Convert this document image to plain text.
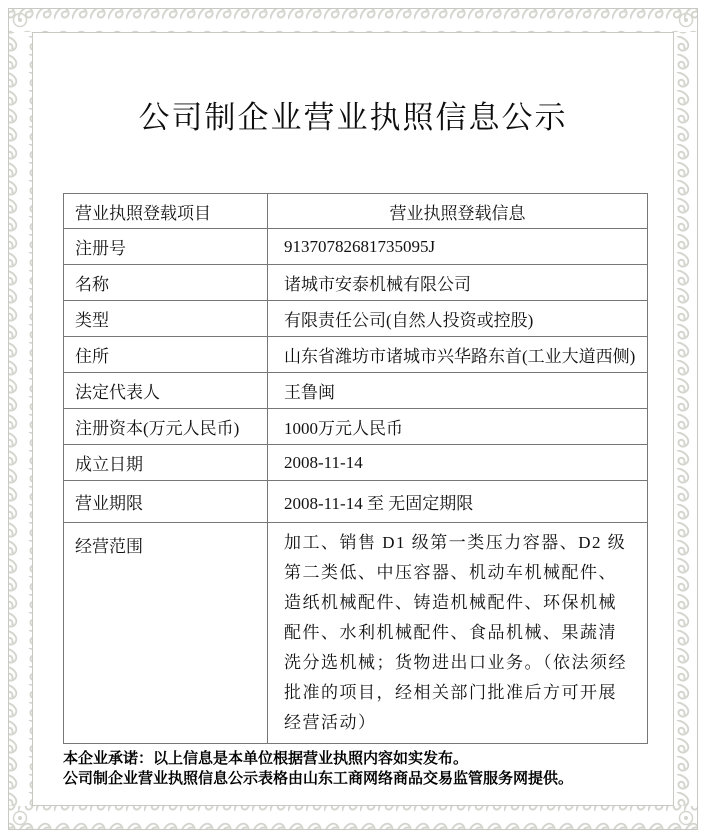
公司制企业营业执照信息公示
营业执照登载项目	营业执照登载信息
注册号	91370782681735095J
名称	诸城市安泰机械有限公司
类型	有限责任公司(自然人投资或控股)
住所	山东省潍坊市诸城市兴华路东首(工业大道西侧)
法定代表人	王鲁闽
注册资本(万元人民币)	1000万元人民币
成立日期	2008-11-14
营业期限	2008-11-14 至 无固定期限
经营范围	加工、销售 D1 级第一类压力容器、D2 级第二类低、中压容器、机动车机械配件、造纸机械配件、铸造机械配件、环保机械配件、水利机械配件、食品机械、果蔬清洗分选机械；货物进出口业务。（依法须经批准的项目，经相关部门批准后方可开展经营活动）

本企业承诺：以上信息是本单位根据营业执照内容如实发布。

公司制企业营业执照信息公示表格由山东工商网络商品交易监管服务网提供。
